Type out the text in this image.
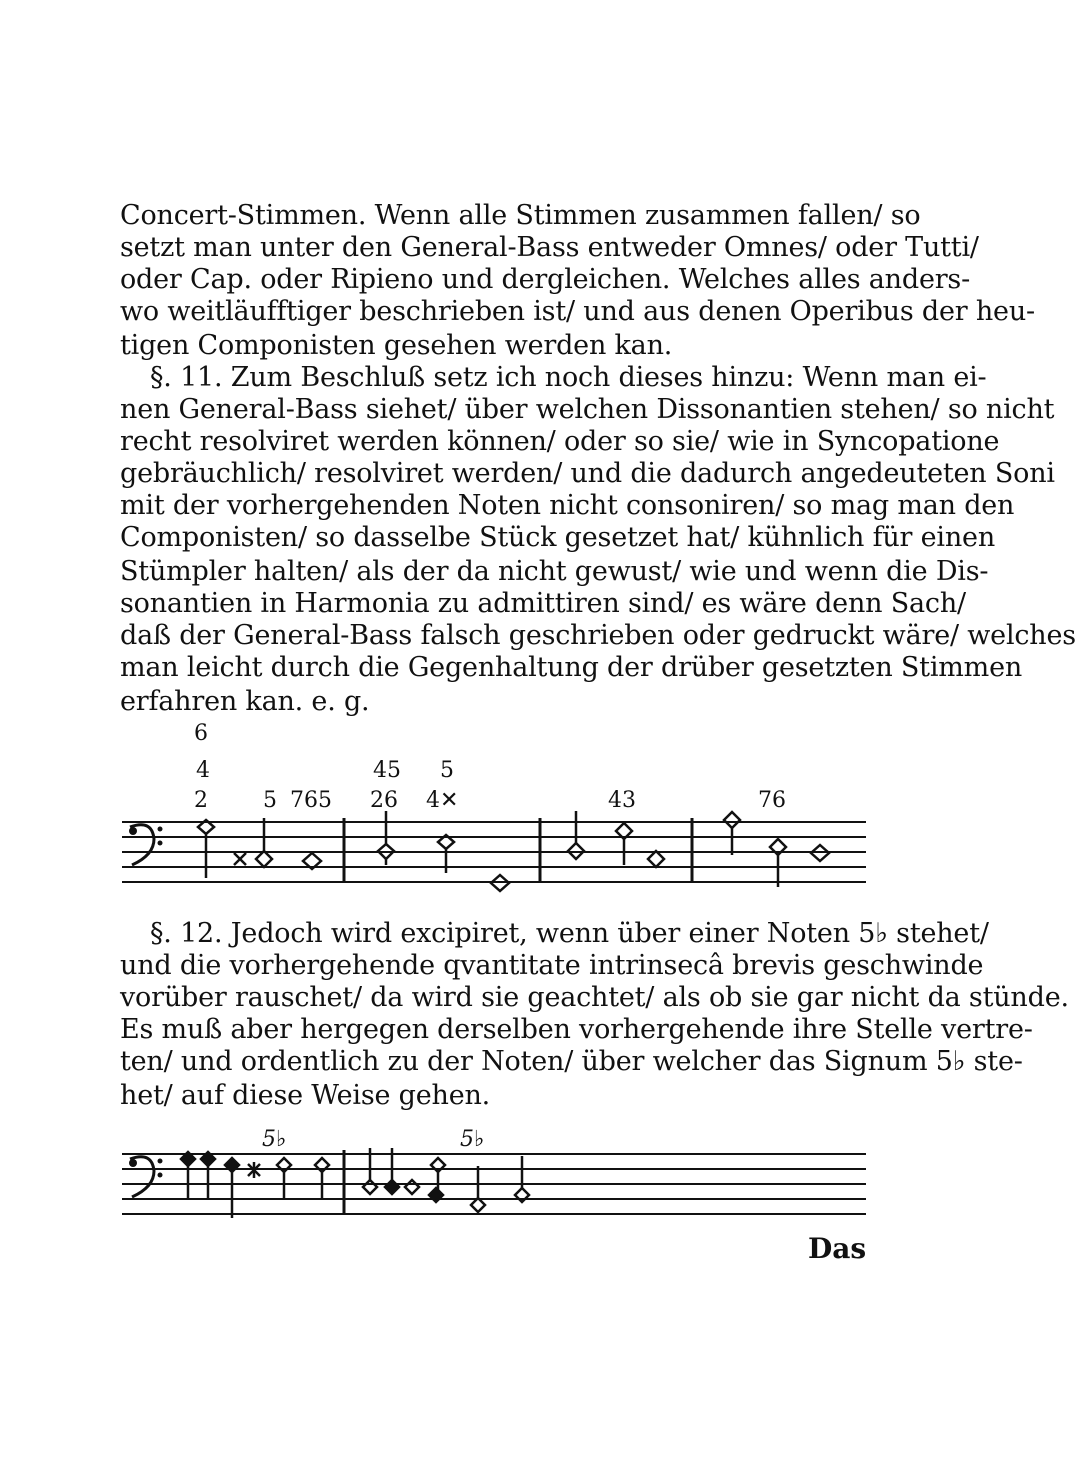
Concert-Stimmen. Wenn alle Stimmen zusammen fallen/ so
setzt man unter den General-Bass entweder Omnes/ oder Tutti/
oder Cap. oder Ripieno und dergleichen. Welches alles anders-
wo weitläufftiger beschrieben ist/ und aus denen Operibus der heu-
tigen Componisten gesehen werden kan.
§. 11. Zum Beschluß setz ich noch dieses hinzu: Wenn man ei-
nen General-Bass siehet/ über welchen Dissonantien stehen/ so nicht
recht resolviret werden können/ oder so sie/ wie in Syncopatione
gebräuchlich/ resolviret werden/ und die dadurch angedeuteten Soni
mit der vorhergehenden Noten nicht consoniren/ so mag man den
Componisten/ so dasselbe Stück gesetzet hat/ kühnlich für einen
Stümpler halten/ als der da nicht gewust/ wie und wenn die Dis-
sonantien in Harmonia zu admittiren sind/ es wäre denn Sach/
daß der General-Bass falsch geschrieben oder gedruckt wäre/ welches
man leicht durch die Gegenhaltung der drüber gesetzten Stimmen
erfahren kan. e. g.
6
4
2	5 765
45
26
5
4✕	43	76
§. 12. Jedoch wird excipiret, wenn über einer Noten 5♭ stehet/
und die vorhergehende qvantitate intrinsecâ brevis geschwinde
vorüber rauschet/ da wird sie geachtet/ als ob sie gar nicht da stünde.
Es muß aber hergegen derselben vorhergehende ihre Stelle vertre-
ten/ und ordentlich zu der Noten/ über welcher das Signum 5♭ ste-
het/ auf diese Weise gehen.
5♭	5♭
Das
